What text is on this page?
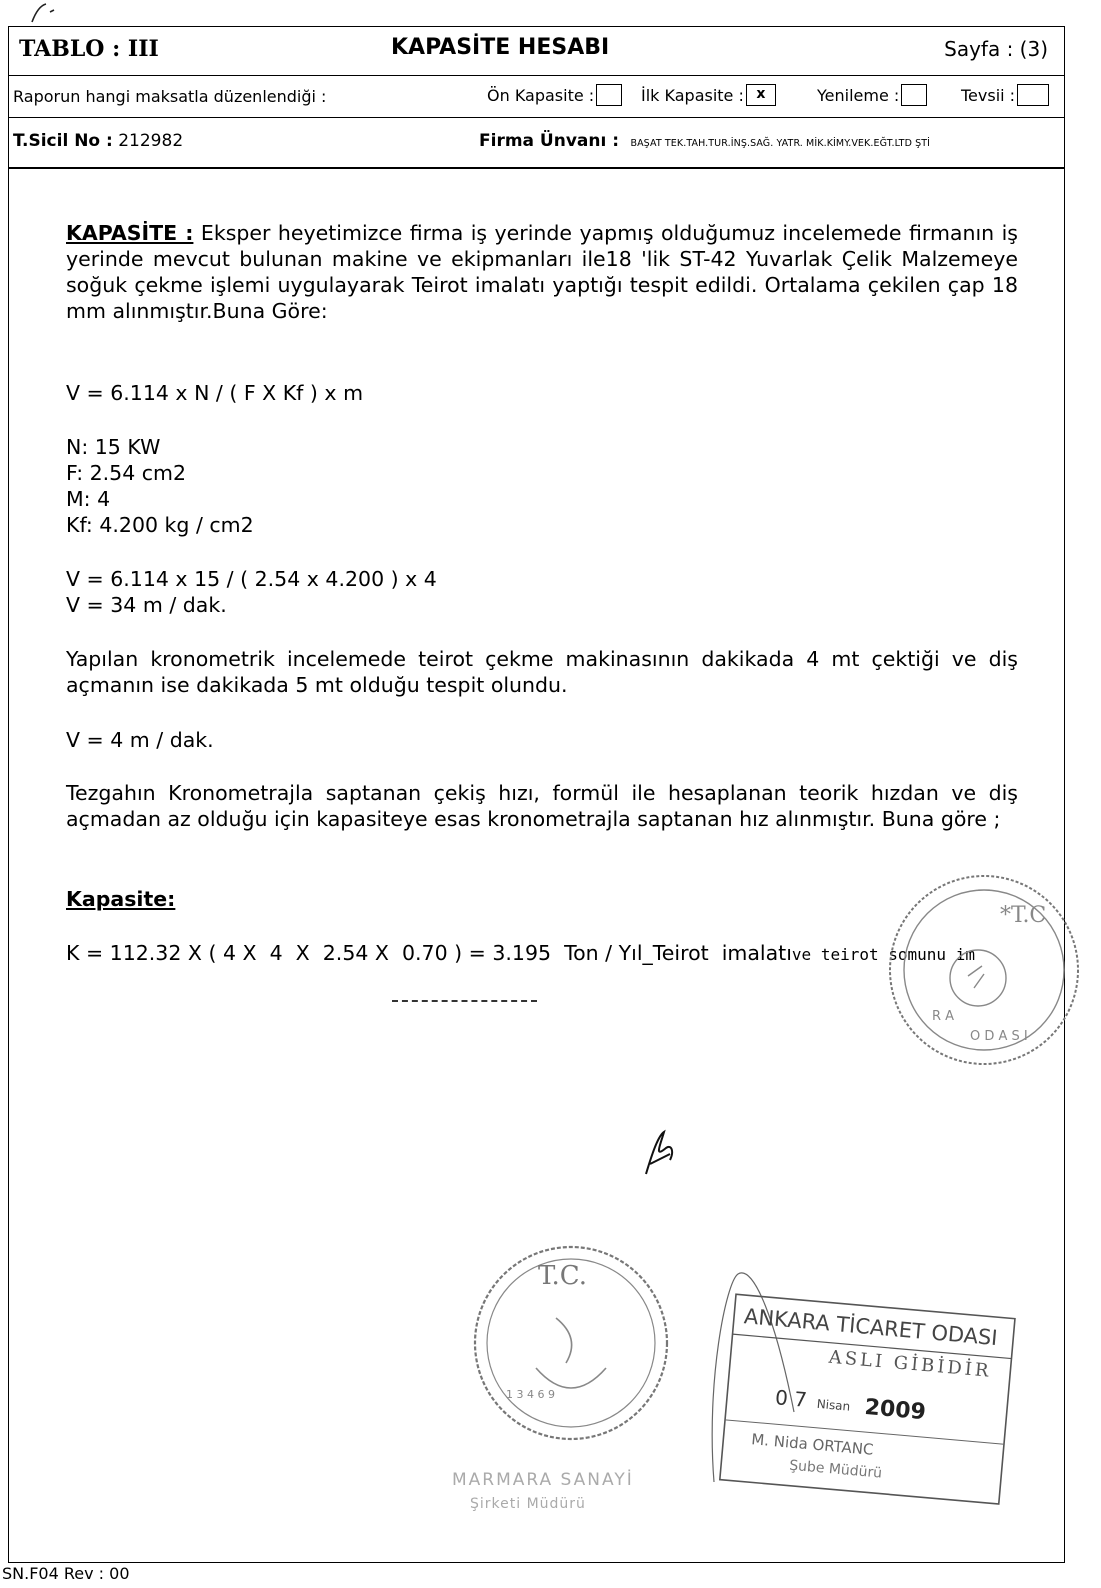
TABLO : III	KAPASİTE HESABI	Sayfa : (3)
Raporun hangi maksatla düzenlendiği :	Ön Kapasite :	İlk Kapasite : x	Yenileme :	Tevsii :
T.Sicil No : 212982	Firma Ünvanı : BAŞAT TEK.TAH.TUR.İNŞ.SAĞ. YATR. MİK.KİMY.VEK.EĞT.LTD ŞTİ
KAPASİTE : Eksper heyetimizce firma iş yerinde yapmış olduğumuz incelemede firmanın iş yerinde mevcut bulunan makine ve ekipmanları ile18 'lik ST-42 Yuvarlak Çelik Malzemeye soğuk çekme işlemi uygulayarak Teirot imalatı yaptığı tespit edildi. Ortalama çekilen çap 18 mm alınmıştır.Buna Göre:
V = 6.114 x N / ( F X Kf ) x m
N: 15 KW
F: 2.54 cm2
M: 4
Kf: 4.200 kg / cm2
V = 6.114 x 15 / ( 2.54 x 4.200 ) x 4
V = 34 m / dak.
Yapılan kronometrik incelemede teirot çekme makinasının dakikada 4 mt çektiği ve diş açmanın ise dakikada 5 mt olduğu tespit olundu.
V = 4 m / dak.
Tezgahın Kronometrajla saptanan çekiş hızı, formül ile hesaplanan teorik hızdan ve diş açmadan az olduğu için kapasiteye esas kronometrajla saptanan hız alınmıştır. Buna göre ;
Kapasite:
K = 112.32 X ( 4 X  4  X  2.54 X  0.70 ) = 3.195  Ton / Yıl_Teirot  imalatıve teirot somunu im
*T.C
R A
O D A S I
T.C.
1 3 4 6 9
ANKARA TİCARET ODASI
ASLI GİBİDİR
0 7 Nisan 2009
M. Nida ORTANC
Şube Müdürü
MARMARA SANAYİ
Şirketi Müdürü
SN.F04 Rev : 00
